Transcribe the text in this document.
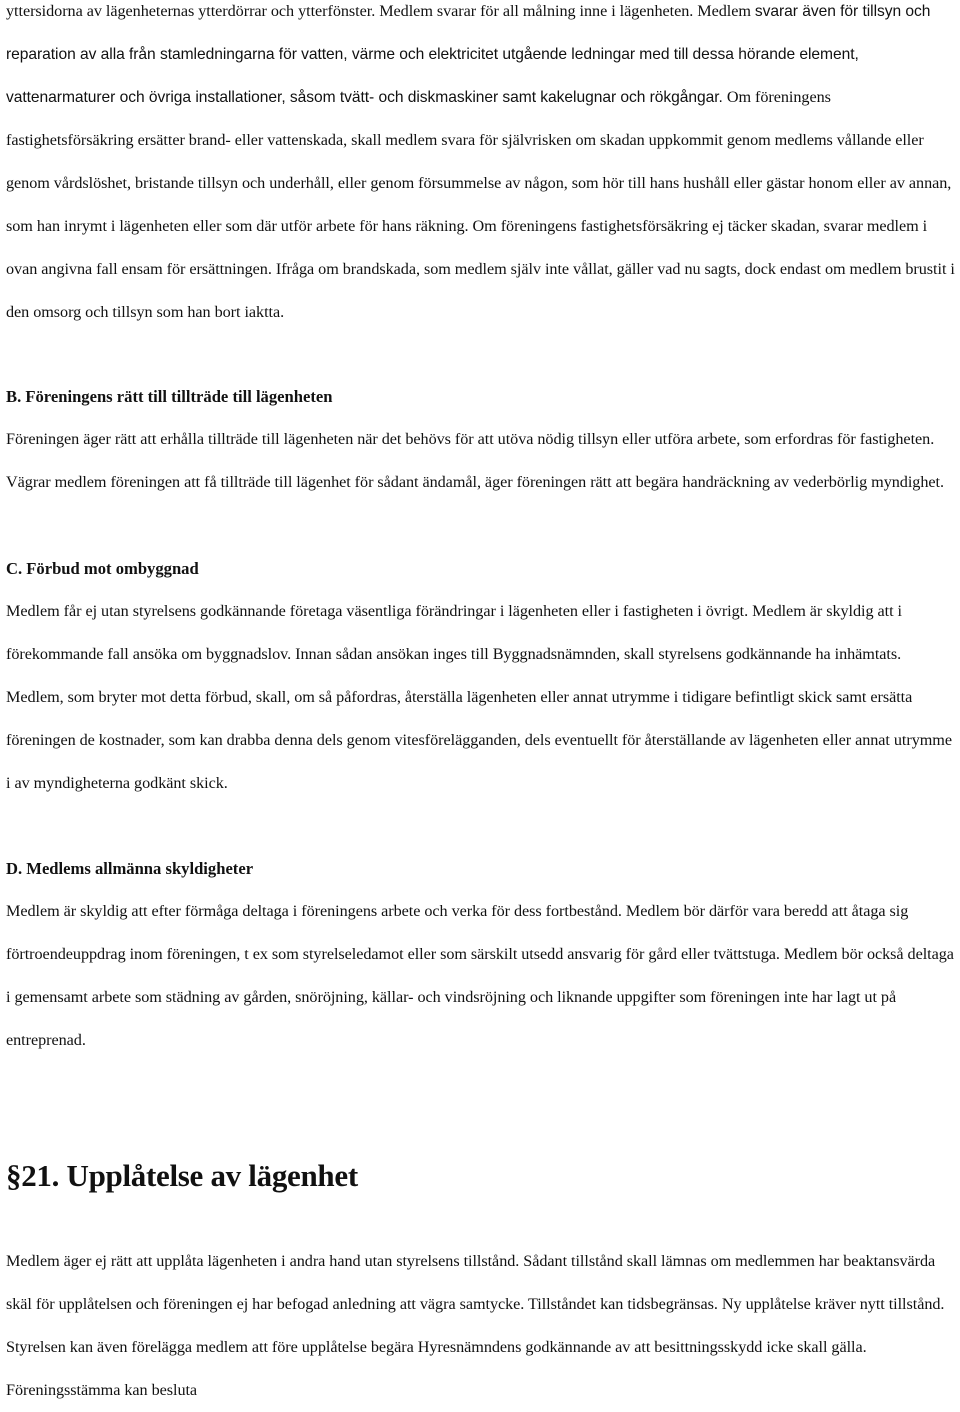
yttersidorna av lägenheternas ytterdörrar och ytterfönster. Medlem svarar för all målning inne i lägenheten. Medlem svarar även för tillsyn och reparation av alla från stamledningarna för vatten, värme och elektricitet utgående ledningar med till dessa hörande element, vattenarmaturer och övriga installationer, såsom tvätt- och diskmaskiner samt kakelugnar och rökgångar. Om föreningens fastighetsförsäkring ersätter brand- eller vattenskada, skall medlem svara för självrisken om skadan uppkommit genom medlems vållande eller genom vårdslöshet, bristande tillsyn och underhåll, eller genom försummelse av någon, som hör till hans hushåll eller gästar honom eller av annan, som han inrymt i lägenheten eller som där utför arbete för hans räkning. Om föreningens fastighetsförsäkring ej täcker skadan, svarar medlem i ovan angivna fall ensam för ersättningen. Ifråga om brandskada, som medlem själv inte vållat, gäller vad nu sagts, dock endast om medlem brustit i den omsorg och tillsyn som han bort iaktta.

B. Föreningens rätt till tillträde till lägenheten

Föreningen äger rätt att erhålla tillträde till lägenheten när det behövs för att utöva nödig tillsyn eller utföra arbete, som erfordras för fastigheten. Vägrar medlem föreningen att få tillträde till lägenhet för sådant ändamål, äger föreningen rätt att begära handräckning av vederbörlig myndighet.

C. Förbud mot ombyggnad

Medlem får ej utan styrelsens godkännande företaga väsentliga förändringar i lägenheten eller i fastigheten i övrigt. Medlem är skyldig att i förekommande fall ansöka om byggnadslov. Innan sådan ansökan inges till Byggnadsnämnden, skall styrelsens godkännande ha inhämtats. Medlem, som bryter mot detta förbud, skall, om så påfordras, återställa lägenheten eller annat utrymme i tidigare befintligt skick samt ersätta föreningen de kostnader, som kan drabba denna dels genom vitesförelägganden, dels eventuellt för återställande av lägenheten eller annat utrymme i av myndigheterna godkänt skick.

D. Medlems allmänna skyldigheter

Medlem är skyldig att efter förmåga deltaga i föreningens arbete och verka för dess fortbestånd. Medlem bör därför vara beredd att åtaga sig förtroendeuppdrag inom föreningen, t ex som styrelseledamot eller som särskilt utsedd ansvarig för gård eller tvättstuga. Medlem bör också deltaga i gemensamt arbete som städning av gården, snöröjning, källar- och vindsröjning och liknande uppgifter som föreningen inte har lagt ut på entreprenad.

§21. Upplåtelse av lägenhet

Medlem äger ej rätt att upplåta lägenheten i andra hand utan styrelsens tillstånd. Sådant tillstånd skall lämnas om medlemmen har beaktansvärda skäl för upplåtelsen och föreningen ej har befogad anledning att vägra samtycke. Tillståndet kan tidsbegränsas. Ny upplåtelse kräver nytt tillstånd. Styrelsen kan även förelägga medlem att före upplåtelse begära Hyresnämndens godkännande av att besittningsskydd icke skall gälla. Föreningsstämma kan besluta
